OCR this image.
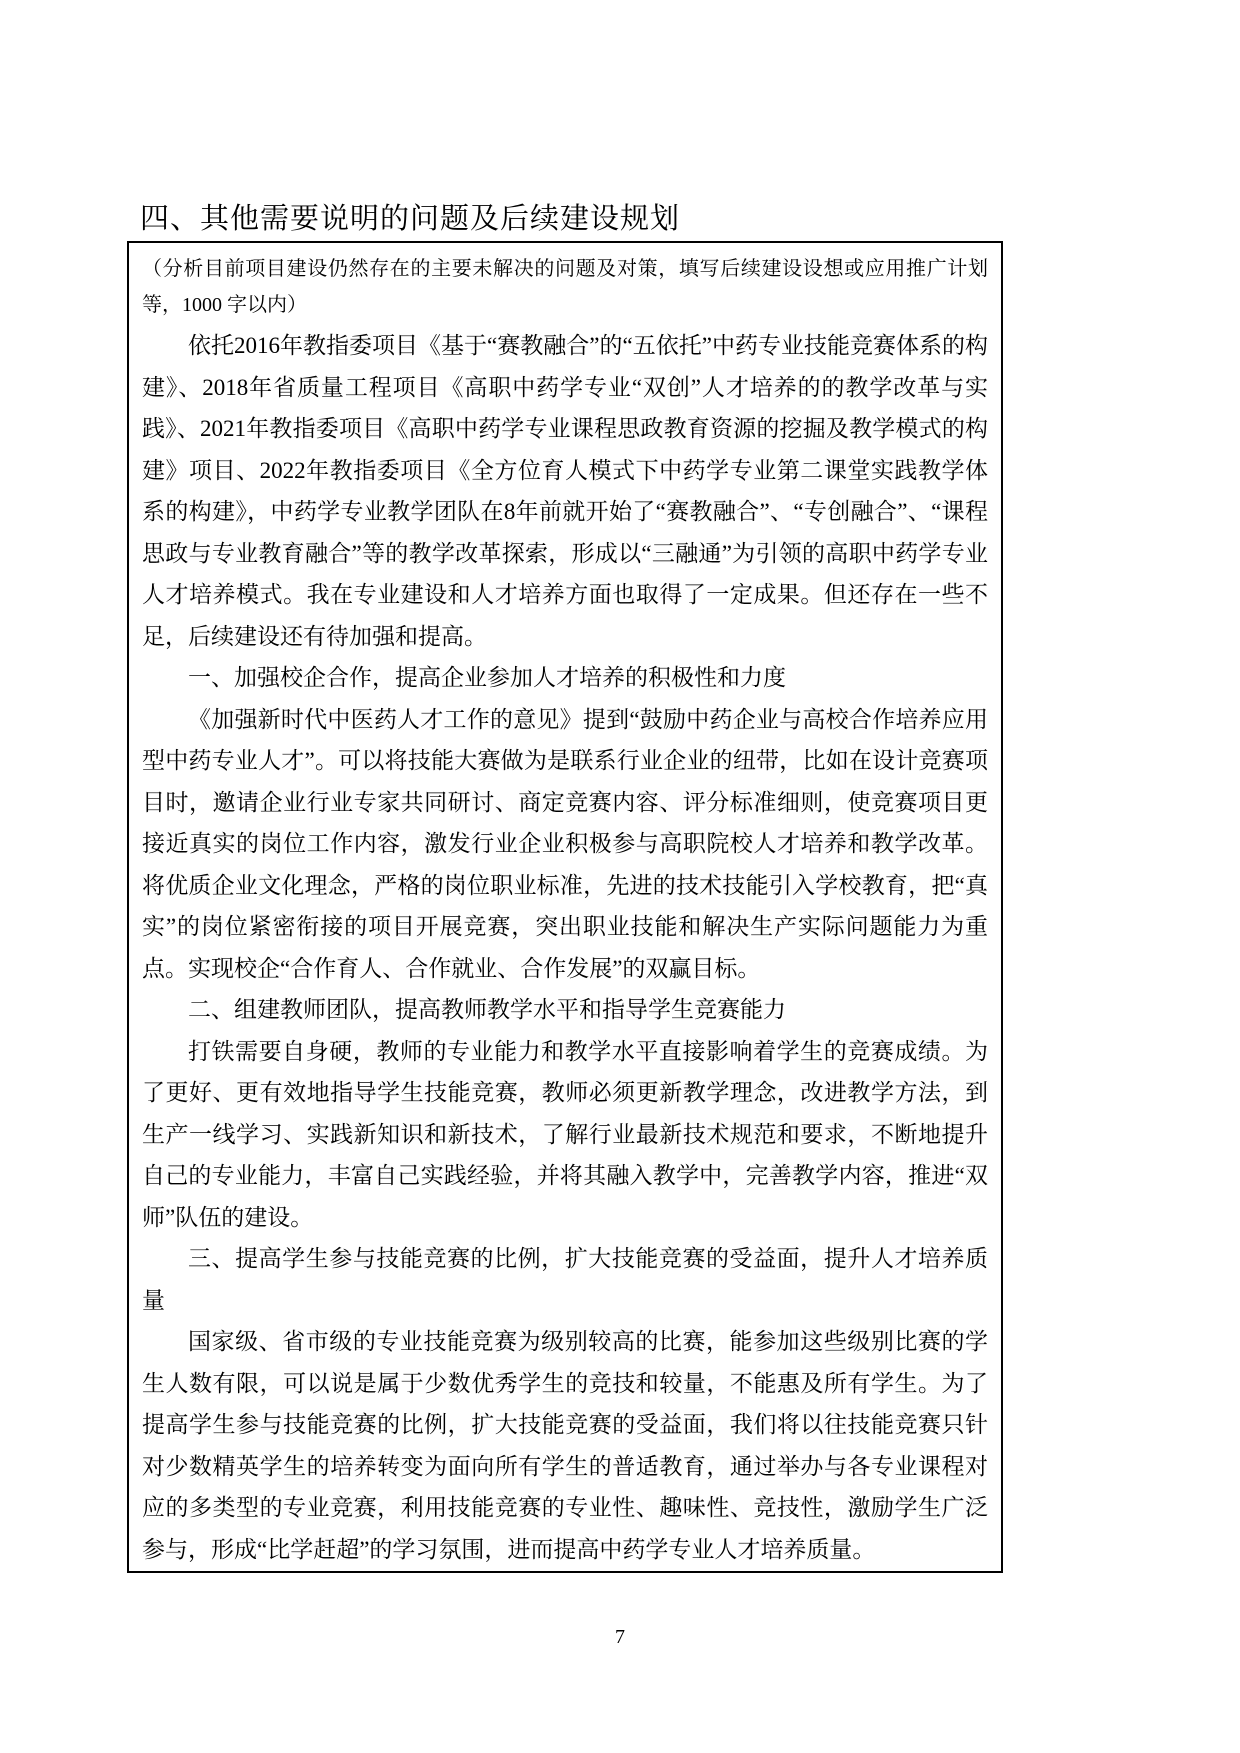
四、其他需要说明的问题及后续建设规划

（分析目前项目建设仍然存在的主要未解决的问题及对策，填写后续建设设想或应用推广计划等，1000 字以内）

依托2016年教指委项目《基于“赛教融合”的“五依托”中药专业技能竞赛体系的构建》、2018年省质量工程项目《高职中药学专业“双创”人才培养的的教学改革与实践》、2021年教指委项目《高职中药学专业课程思政教育资源的挖掘及教学模式的构建》项目、2022年教指委项目《全方位育人模式下中药学专业第二课堂实践教学体系的构建》，中药学专业教学团队在8年前就开始了“赛教融合”、“专创融合”、“课程思政与专业教育融合”等的教学改革探索，形成以“三融通”为引领的高职中药学专业人才培养模式。我在专业建设和人才培养方面也取得了一定成果。但还存在一些不足，后续建设还有待加强和提高。

一、加强校企合作，提高企业参加人才培养的积极性和力度

《加强新时代中医药人才工作的意见》提到“鼓励中药企业与高校合作培养应用型中药专业人才”。可以将技能大赛做为是联系行业企业的纽带，比如在设计竞赛项目时，邀请企业行业专家共同研讨、商定竞赛内容、评分标准细则，使竞赛项目更接近真实的岗位工作内容，激发行业企业积极参与高职院校人才培养和教学改革。将优质企业文化理念，严格的岗位职业标准，先进的技术技能引入学校教育，把“真实”的岗位紧密衔接的项目开展竞赛，突出职业技能和解决生产实际问题能力为重点。实现校企“合作育人、合作就业、合作发展”的双赢目标。

二、组建教师团队，提高教师教学水平和指导学生竞赛能力

打铁需要自身硬，教师的专业能力和教学水平直接影响着学生的竞赛成绩。为了更好、更有效地指导学生技能竞赛，教师必须更新教学理念，改进教学方法，到生产一线学习、实践新知识和新技术，了解行业最新技术规范和要求，不断地提升自己的专业能力，丰富自己实践经验，并将其融入教学中，完善教学内容，推进“双师”队伍的建设。

三、提高学生参与技能竞赛的比例，扩大技能竞赛的受益面，提升人才培养质量

国家级、省市级的专业技能竞赛为级别较高的比赛，能参加这些级别比赛的学生人数有限，可以说是属于少数优秀学生的竞技和较量，不能惠及所有学生。为了提高学生参与技能竞赛的比例，扩大技能竞赛的受益面，我们将以往技能竞赛只针对少数精英学生的培养转变为面向所有学生的普适教育，通过举办与各专业课程对应的多类型的专业竞赛，利用技能竞赛的专业性、趣味性、竞技性，激励学生广泛参与，形成“比学赶超”的学习氛围，进而提高中药学专业人才培养质量。

7
